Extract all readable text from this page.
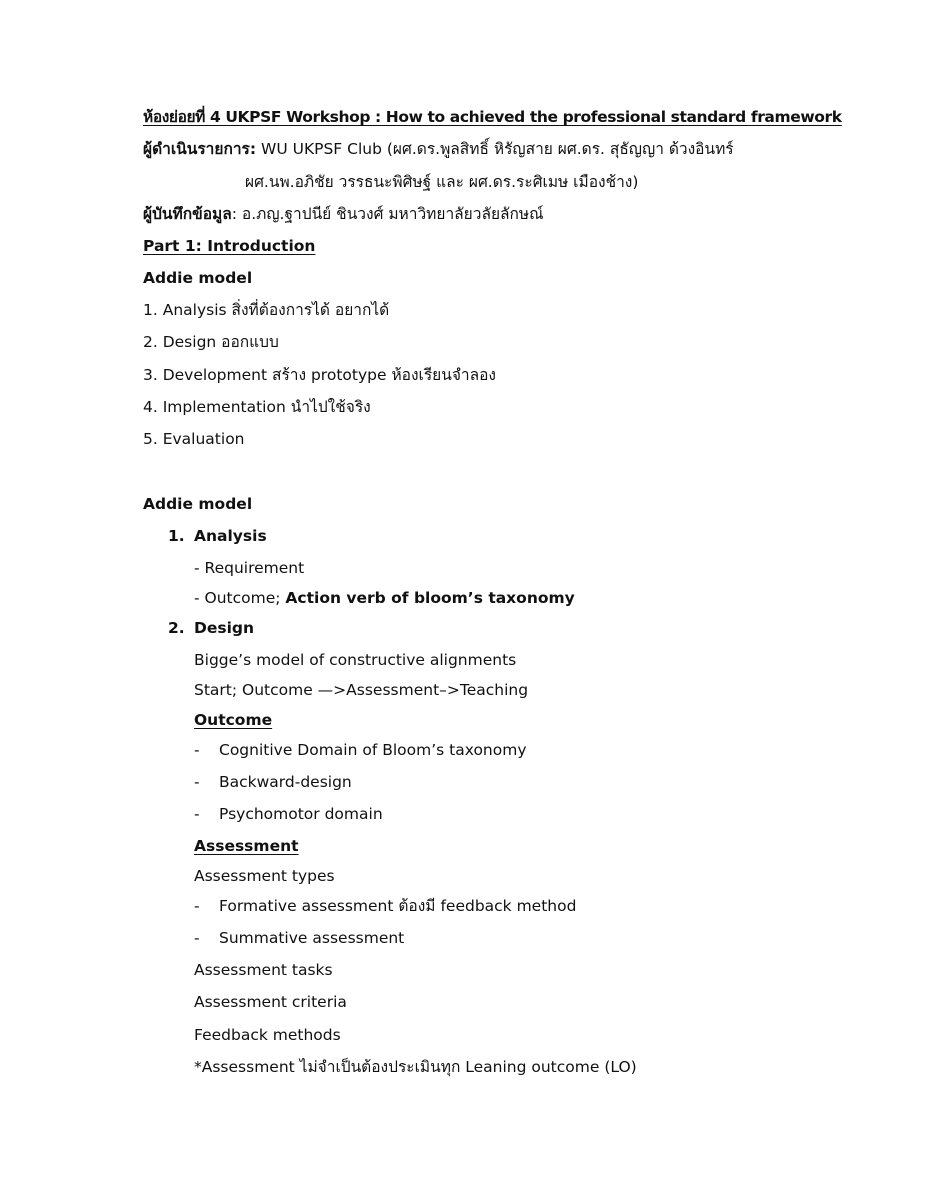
ห้องย่อยที่ 4 UKPSF Workshop : How to achieved the professional standard framework
ผู้ดำเนินรายการ: WU UKPSF Club (ผศ.ดร.พูลสิทธิ์ หิรัญสาย ผศ.ดร. สุธัญญา ด้วงอินทร์
ผศ.นพ.อภิชัย วรรธนะพิศิษฐ์ และ ผศ.ดร.ระศิเมษ เมืองช้าง)
ผู้บันทึกข้อมูล: อ.ภญ.ฐาปนีย์ ชินวงศ์ มหาวิทยาลัยวลัยลักษณ์
Part 1: Introduction
Addie model
1. Analysis สิ่งที่ต้องการได้ อยากได้
2. Design ออกแบบ
3. Development สร้าง prototype ห้องเรียนจำลอง
4. Implementation นำไปใช้จริง
5. Evaluation
Addie model
1. Analysis
- Requirement
- Outcome; Action verb of bloom’s taxonomy
2. Design
Bigge’s model of constructive alignments
Start; Outcome —>Assessment–>Teaching
Outcome
- Cognitive Domain of Bloom’s taxonomy
- Backward-design
- Psychomotor domain
Assessment
Assessment types
- Formative assessment ต้องมี feedback method
- Summative assessment
Assessment tasks
Assessment criteria
Feedback methods
*Assessment ไม่จำเป็นต้องประเมินทุก Leaning outcome (LO)
